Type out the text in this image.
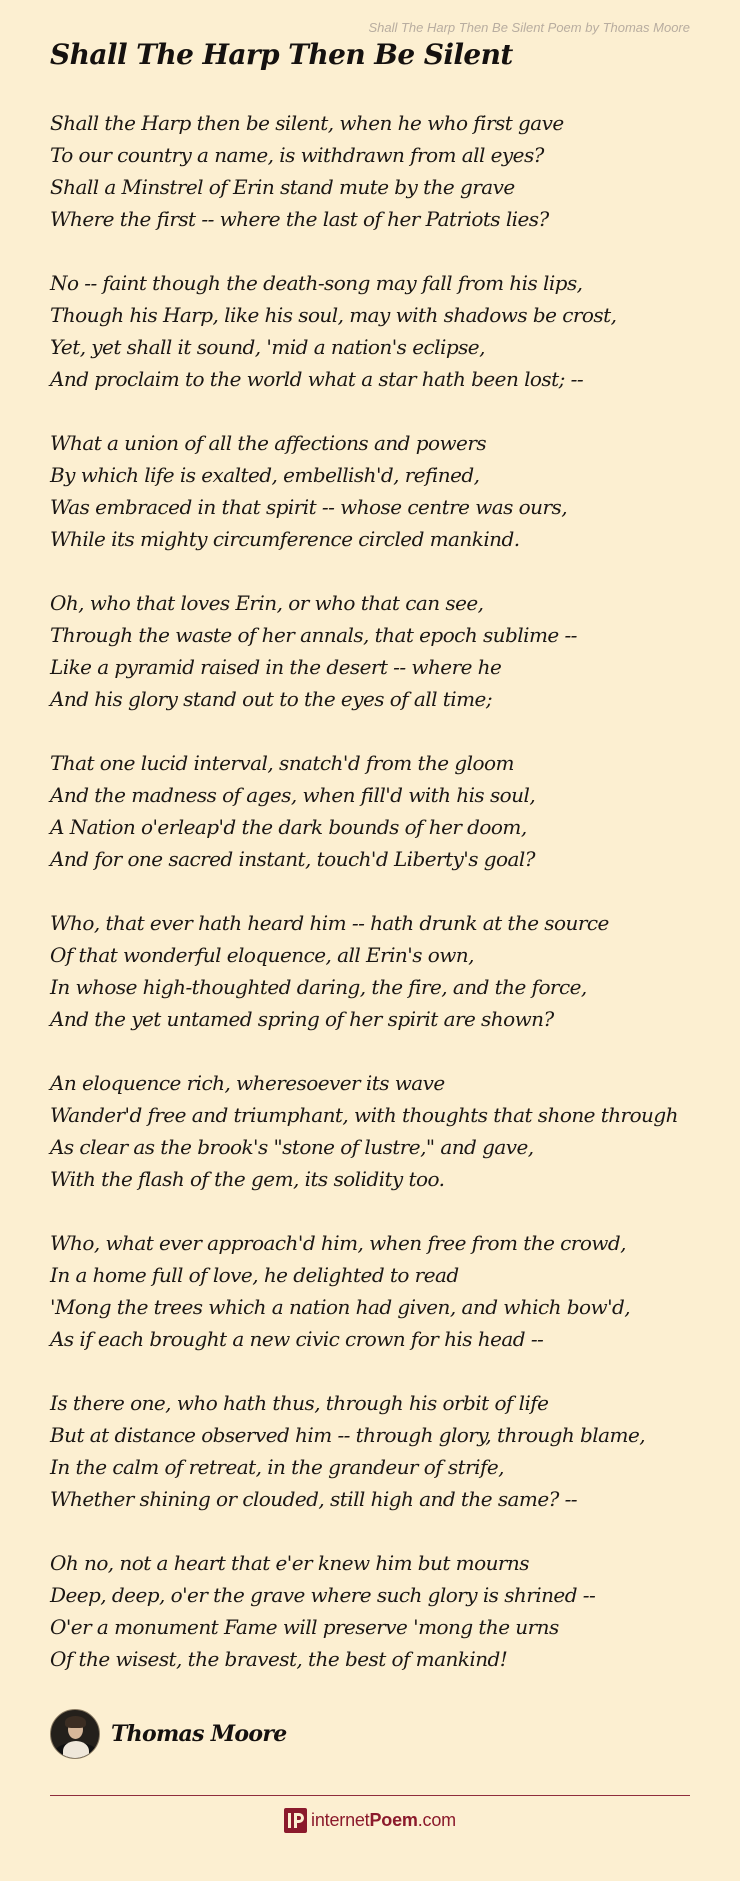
Shall The Harp Then Be Silent Poem by Thomas Moore
Shall The Harp Then Be Silent
Shall the Harp then be silent, when he who first gave
To our country a name, is withdrawn from all eyes?
Shall a Minstrel of Erin stand mute by the grave
Where the first -- where the last of her Patriots lies?
No -- faint though the death-song may fall from his lips,
Though his Harp, like his soul, may with shadows be crost,
Yet, yet shall it sound, 'mid a nation's eclipse,
And proclaim to the world what a star hath been lost; --
What a union of all the affections and powers
By which life is exalted, embellish'd, refined,
Was embraced in that spirit -- whose centre was ours,
While its mighty circumference circled mankind.
Oh, who that loves Erin, or who that can see,
Through the waste of her annals, that epoch sublime --
Like a pyramid raised in the desert -- where he
And his glory stand out to the eyes of all time;
That one lucid interval, snatch'd from the gloom
And the madness of ages, when fill'd with his soul,
A Nation o'erleap'd the dark bounds of her doom,
And for one sacred instant, touch'd Liberty's goal?
Who, that ever hath heard him -- hath drunk at the source
Of that wonderful eloquence, all Erin's own,
In whose high-thoughted daring, the fire, and the force,
And the yet untamed spring of her spirit are shown?
An eloquence rich, wheresoever its wave
Wander'd free and triumphant, with thoughts that shone through
As clear as the brook's "stone of lustre," and gave,
With the flash of the gem, its solidity too.
Who, what ever approach'd him, when free from the crowd,
In a home full of love, he delighted to read
'Mong the trees which a nation had given, and which bow'd,
As if each brought a new civic crown for his head --
Is there one, who hath thus, through his orbit of life
But at distance observed him -- through glory, through blame,
In the calm of retreat, in the grandeur of strife,
Whether shining or clouded, still high and the same? --
Oh no, not a heart that e'er knew him but mourns
Deep, deep, o'er the grave where such glory is shrined --
O'er a monument Fame will preserve 'mong the urns
Of the wisest, the bravest, the best of mankind!
Thomas Moore
internetPoem.com
